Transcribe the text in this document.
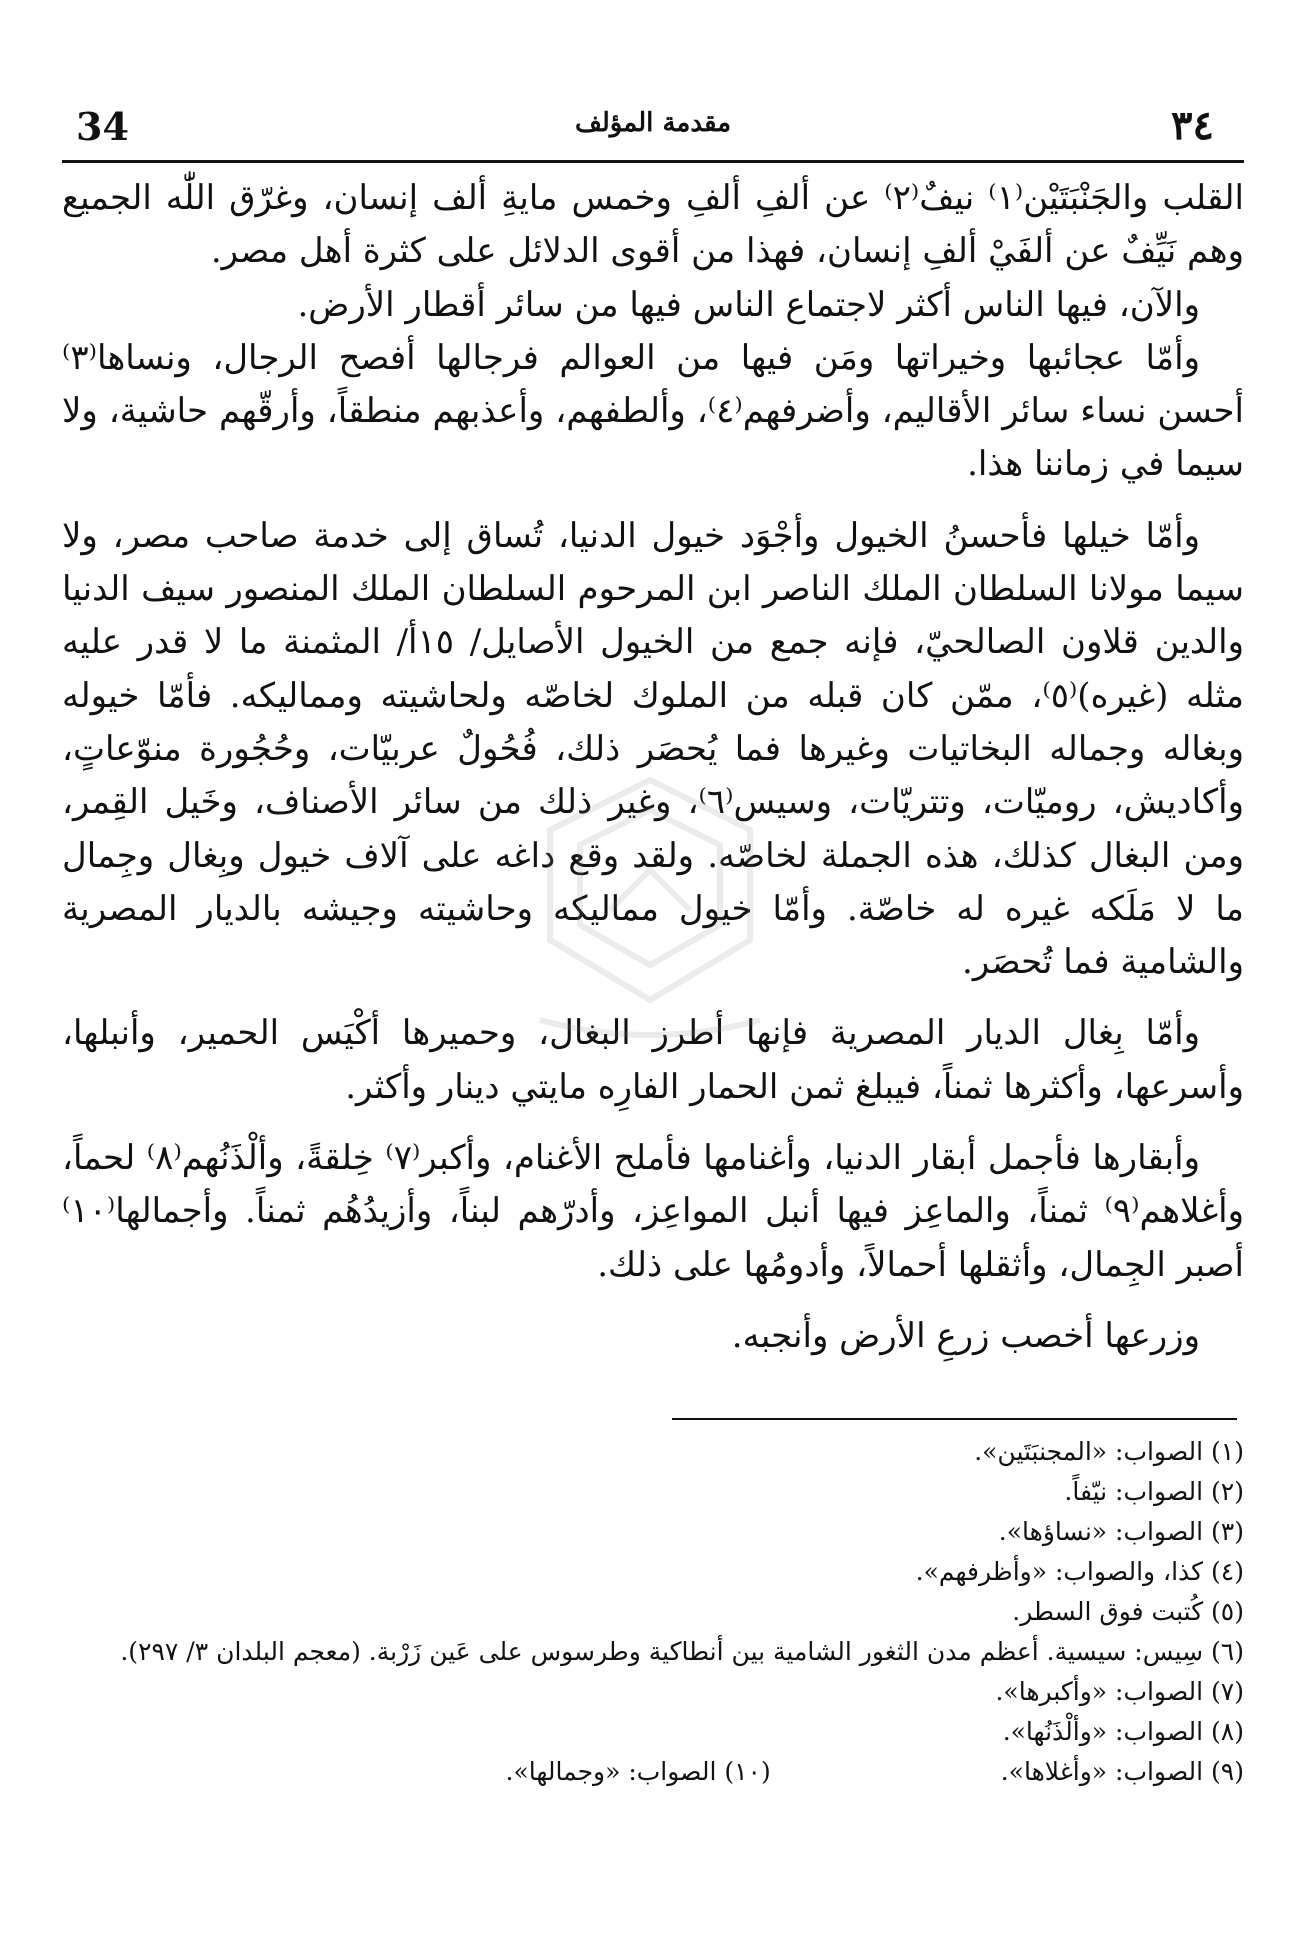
34	مقدمة المؤلف	٣٤

القلب والجَنْبَتَيْن⁽١⁾ نيفٌ⁽٢⁾ عن ألفِ ألفِ وخمس مايةِ ألف إنسان، وغرّق اللّٰه الجميع وهم نَيِّفٌ عن ألفَيْ ألفِ إنسان، فهذا من أقوى الدلائل على كثرة أهل مصر.

والآن، فيها الناس أكثر لاجتماع الناس فيها من سائر أقطار الأرض.

وأمّا عجائبها وخيراتها ومَن فيها من العوالم فرجالها أفصح الرجال، ونساها⁽٣⁾ أحسن نساء سائر الأقاليم، وأضرفهم⁽٤⁾، وألطفهم، وأعذبهم منطقاً، وأرقّهم حاشية، ولا سيما في زماننا هذا.

وأمّا خيلها فأحسنُ الخيول وأجْوَد خيول الدنيا، تُساق إلى خدمة صاحب مصر، ولا سيما مولانا السلطان الملك الناصر ابن المرحوم السلطان الملك المنصور سيف الدنيا والدين قلاون الصالحيّ، فإنه جمع من الخيول الأصايل/ ١٥أ/ المثمنة ما لا قدر عليه مثله (غيره)⁽٥⁾، ممّن كان قبله من الملوك لخاصّه ولحاشيته ومماليكه. فأمّا خيوله وبغاله وجماله البخاتيات وغيرها فما يُحصَر ذلك، فُحُولٌ عربيّات، وحُجُورة منوّعاتٍ، وأكاديش، روميّات، وتتريّات، وسيس⁽٦⁾، وغير ذلك من سائر الأصناف، وخَيل القِمر، ومن البغال كذلك، هذه الجملة لخاصّه. ولقد وقع داغه على آلاف خيول وبِغال وجِمال ما لا مَلَكه غيره له خاصّة. وأمّا خيول مماليكه وحاشيته وجيشه بالديار المصرية والشامية فما تُحصَر.

وأمّا بِغال الديار المصرية فإنها أطرز البغال، وحميرها أكْيَس الحمير، وأنبلها، وأسرعها، وأكثرها ثمناً، فيبلغ ثمن الحمار الفارِه مايتي دينار وأكثر.

وأبقارها فأجمل أبقار الدنيا، وأغنامها فأملح الأغنام، وأكبر⁽٧⁾ خِلقةً، وألْذَنُهم⁽٨⁾ لحماً، وأغلاهم⁽٩⁾ ثمناً، والماعِز فيها أنبل المواعِز، وأدرّهم لبناً، وأزيدُهُم ثمناً. وأجمالها⁽١٠⁾ أصبر الجِمال، وأثقلها أحمالاً، وأدومُها على ذلك.

وزرعها أخصب زرعِ الأرض وأنجبه.

(١) الصواب: «المجنبَتَين».

(٢) الصواب: نيّفاً.

(٣) الصواب: «نساؤها».

(٤) كذا، والصواب: «وأظرفهم».

(٥) كُتبت فوق السطر.

(٦) سِيس: سيسية. أعظم مدن الثغور الشامية بين أنطاكية وطرسوس على عَين زَرْبة. (معجم البلدان ٣/ ٢٩٧).

(٧) الصواب: «وأكبرها».

(٨) الصواب: «وألْذَنُها».

(٩) الصواب: «وأغلاها».

(١٠) الصواب: «وجمالها».
